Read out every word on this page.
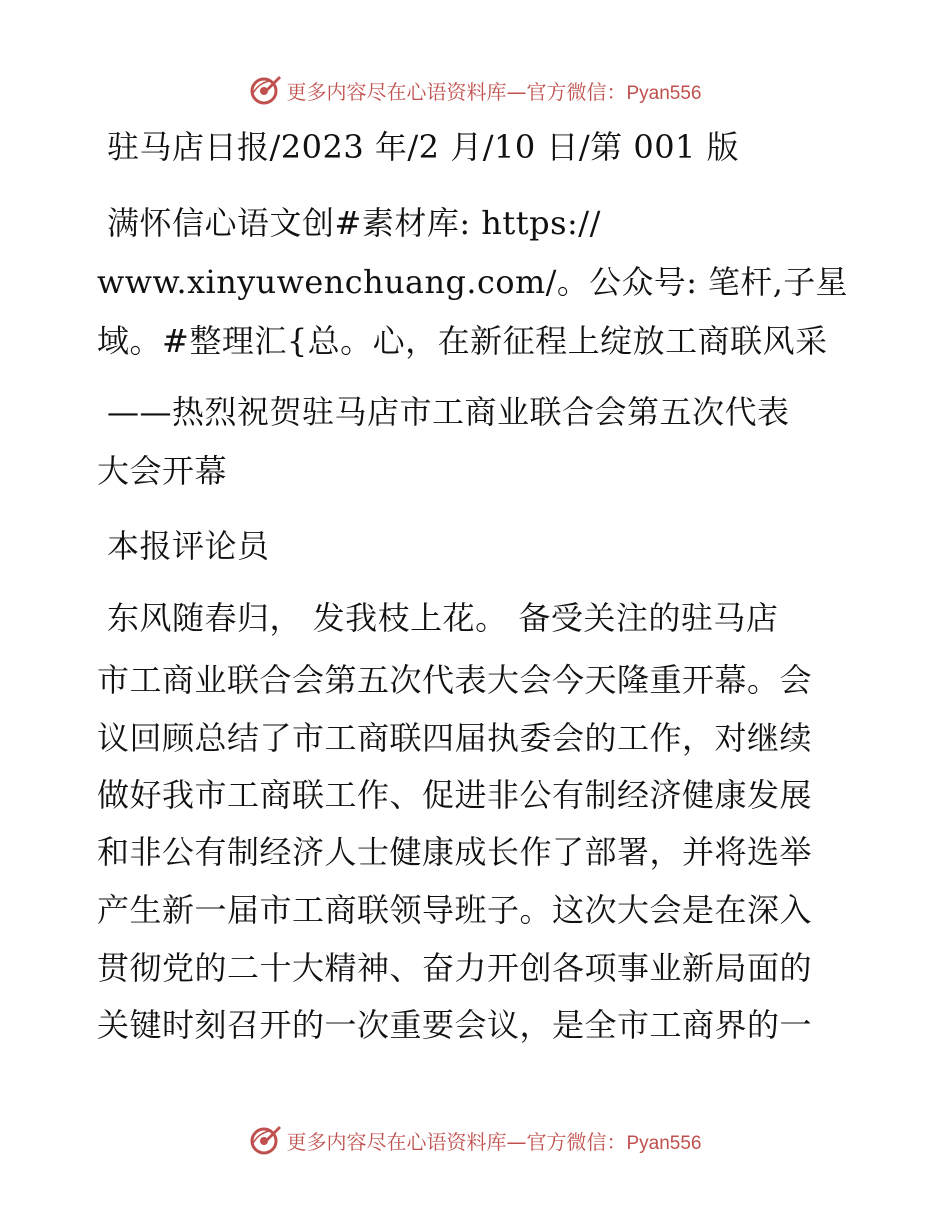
更多内容尽在心语资料库—官方微信：Pyan556
驻马店日报/2023 年/2 月/10 日/第 001 版
满怀信心语文创#素材库: https://
www.xinyuwenchuang.com/。公众号: 笔杆,子星
域。#整理汇{总。心，在新征程上绽放工商联风采
——热烈祝贺驻马店市工商业联合会第五次代表
大会开幕
本报评论员
东风随春归， 发我枝上花。 备受关注的驻马店
市工商业联合会第五次代表大会今天隆重开幕。会
议回顾总结了市工商联四届执委会的工作，对继续
做好我市工商联工作、促进非公有制经济健康发展
和非公有制经济人士健康成长作了部署，并将选举
产生新一届市工商联领导班子。这次大会是在深入
贯彻党的二十大精神、奋力开创各项事业新局面的
关键时刻召开的一次重要会议，是全市工商界的一
更多内容尽在心语资料库—官方微信：Pyan556
